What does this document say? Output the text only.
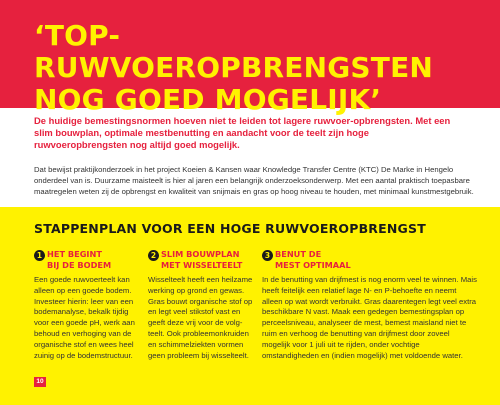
‘TOP-RUWVOEROPBRENGSTEN
NOG GOED MOGELIJK’

De huidige bemestingsnormen hoeven niet te leiden tot lagere ruwvoer-opbrengsten. Met een slim bouwplan, optimale mestbenutting en aandacht voor de teelt zijn hoge ruwvoeropbrengsten nog altijd goed mogelijk.

Dat bewijst praktijkonderzoek in het project Koeien & Kansen waar Knowledge Transfer Centre (KTC) De Marke in Hengelo onderdeel van is. Duurzame maisteelt is hier al jaren een belangrijk onderzoeksonderwerp. Met een aantal praktisch toepasbare maatregelen weten zij de opbrengst en kwaliteit van snijmais en gras op hoog niveau te houden, met minimaal kunstmestgebruik.

STAPPENPLAN VOOR EEN HOGE RUWVOEROPBRENGST
1 HET BEGINT
BIJ DE BODEM

Een goede ruwvoerteelt kan alleen op een goede bodem. Investeer hierin: leer van een bodemanalyse, bekalk tijdig voor een goede pH, werk aan behoud en verhoging van de organische stof en wees heel zuinig op de bodemstructuur.

2 SLIM BOUWPLAN
MET WISSELTEELT

Wisselteelt heeft een heilzame werking op grond en gewas. Gras bouwt organische stof op en legt veel stikstof vast en geeft deze vrij voor de volg-teelt. Ook probleemonkruiden en schimmelziekten vormen geen probleem bij wisselteelt.

3 BENUT DE
MEST OPTIMAAL

In de benutting van drijfmest is nog enorm veel te winnen. Mais heeft feitelijk een relatief lage N- en P-behoefte en neemt alleen op wat wordt verbruikt. Gras daarentegen legt veel extra beschikbare N vast. Maak een gedegen bemestingsplan op perceelsniveau, analyseer de mest, bemest maisland niet te ruim en verhoog de benutting van drijfmest door zoveel mogelijk voor 1 juli uit te rijden, onder vochtige omstandigheden en (indien mogelijk) met voldoende water.

10
